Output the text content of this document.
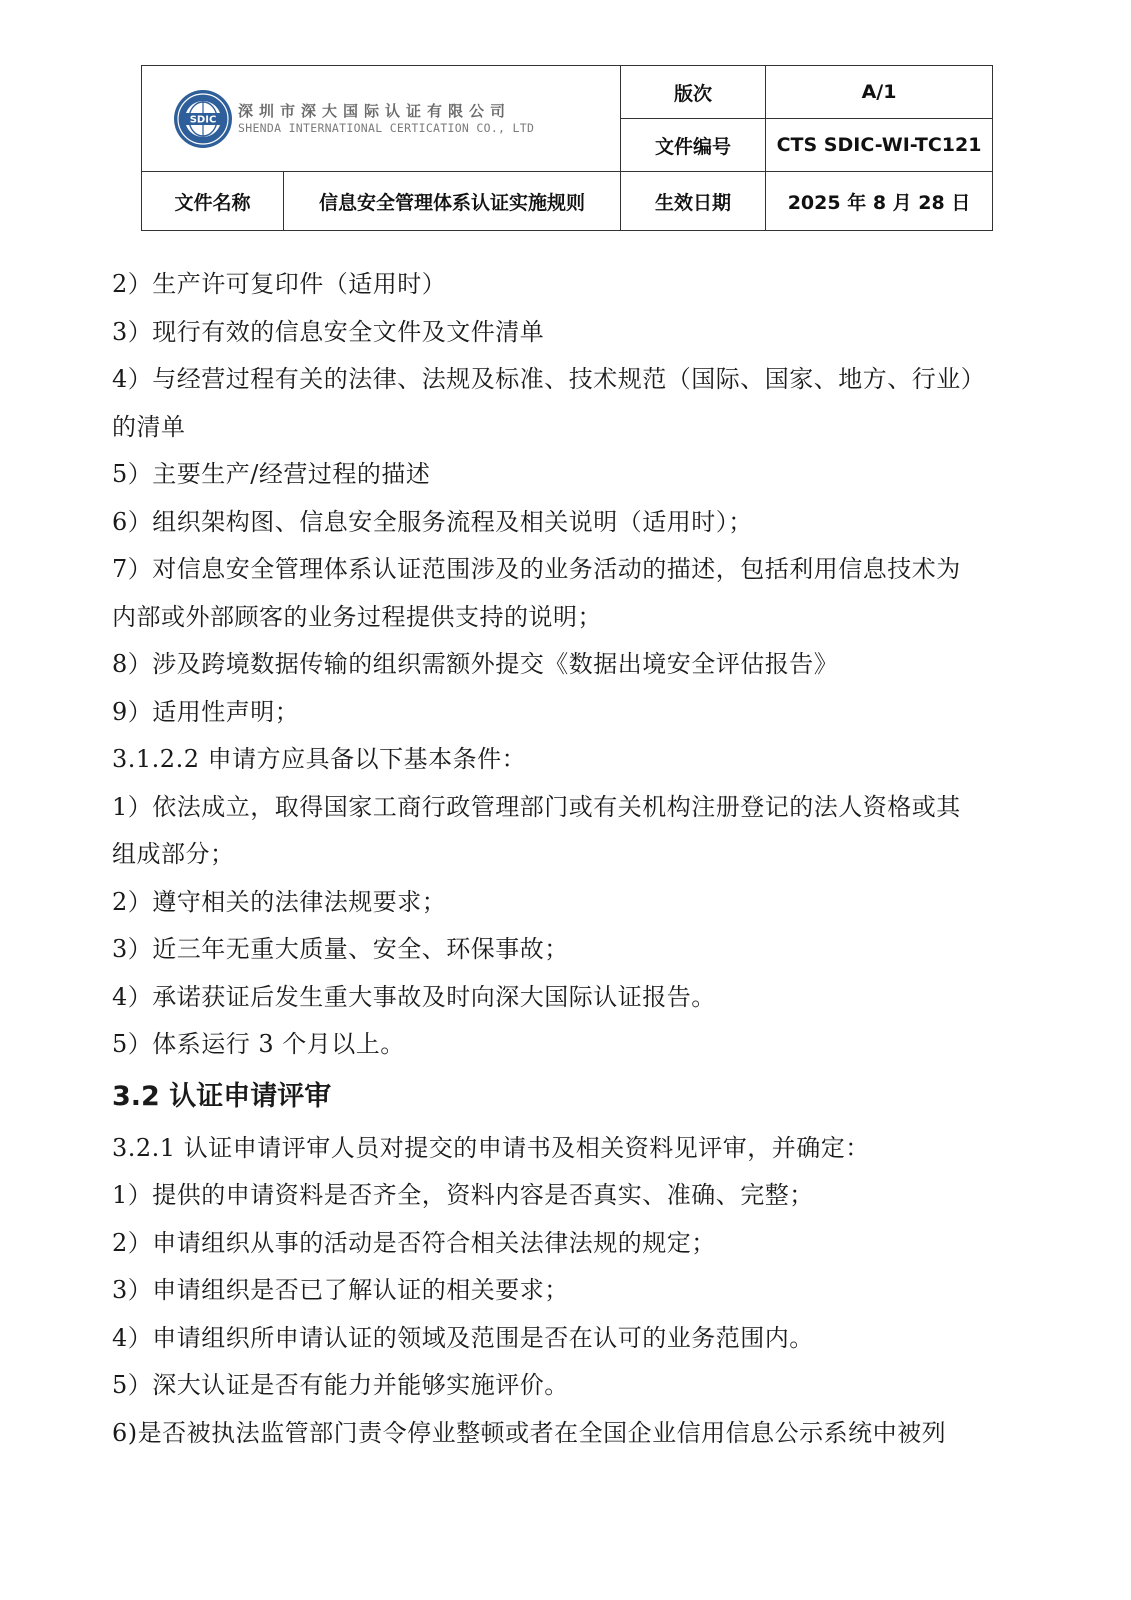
SDIC 深圳市深大国际认证有限公司
SHENDA INTERNATIONAL CERTICATION CO., LTD		版次	A/1
		文件编号	CTS SDIC-WI-TC121
文件名称	信息安全管理体系认证实施规则	生效日期	2025 年 8 月 28 日

2）生产许可复印件（适用时）

3）现行有效的信息安全文件及文件清单

4）与经营过程有关的法律、法规及标准、技术规范（国际、国家、地方、行业）

的清单

5）主要生产/经营过程的描述

6）组织架构图、信息安全服务流程及相关说明（适用时）；

7）对信息安全管理体系认证范围涉及的业务活动的描述，包括利用信息技术为

内部或外部顾客的业务过程提供支持的说明；

8）涉及跨境数据传输的组织需额外提交《数据出境安全评估报告》

9）适用性声明；

3.1.2.2 申请方应具备以下基本条件：

1）依法成立，取得国家工商行政管理部门或有关机构注册登记的法人资格或其

组成部分；

2）遵守相关的法律法规要求；

3）近三年无重大质量、安全、环保事故；

4）承诺获证后发生重大事故及时向深大国际认证报告。

5）体系运行 3 个月以上。

3.2 认证申请评审

3.2.1 认证申请评审人员对提交的申请书及相关资料见评审，并确定：

1）提供的申请资料是否齐全，资料内容是否真实、准确、完整；

2）申请组织从事的活动是否符合相关法律法规的规定；

3）申请组织是否已了解认证的相关要求；

4）申请组织所申请认证的领域及范围是否在认可的业务范围内。

5）深大认证是否有能力并能够实施评价。

6)是否被执法监管部门责令停业整顿或者在全国企业信用信息公示系统中被列
